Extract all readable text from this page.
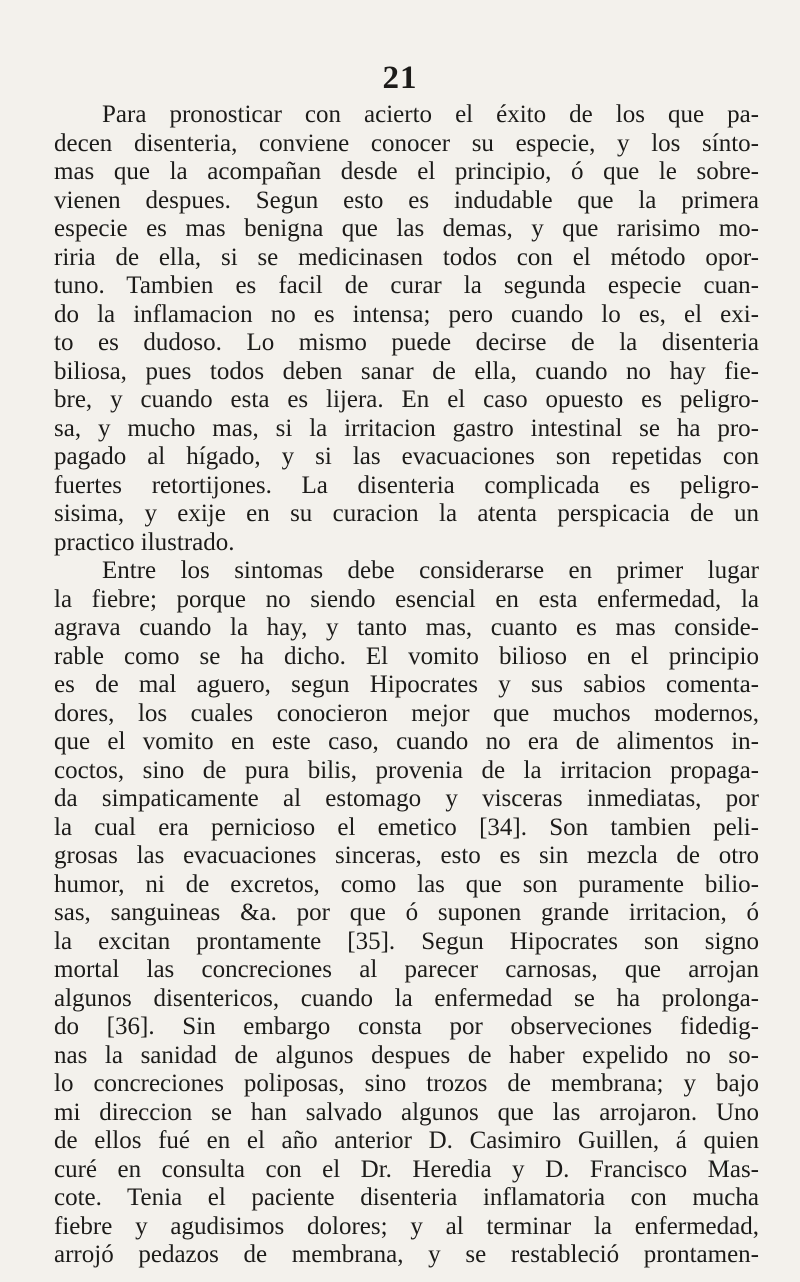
21
Para pronosticar con acierto el éxito de los que pa-
decen disenteria, conviene conocer su especie, y los sínto-
mas que la acompañan desde el principio, ó que le sobre-
vienen despues. Segun esto es indudable que la primera
especie es mas benigna que las demas, y que rarisimo mo-
riria de ella, si se medicinasen todos con el método opor-
tuno. Tambien es facil de curar la segunda especie cuan-
do la inflamacion no es intensa; pero cuando lo es, el exi-
to es dudoso. Lo mismo puede decirse de la disenteria
biliosa, pues todos deben sanar de ella, cuando no hay fie-
bre, y cuando esta es lijera. En el caso opuesto es peligro-
sa, y mucho mas, si la irritacion gastro intestinal se ha pro-
pagado al hígado, y si las evacuaciones son repetidas con
fuertes retortijones. La disenteria complicada es peligro-
sisima, y exije en su curacion la atenta perspicacia de un
practico ilustrado.
Entre los sintomas debe considerarse en primer lugar
la fiebre; porque no siendo esencial en esta enfermedad, la
agrava cuando la hay, y tanto mas, cuanto es mas conside-
rable como se ha dicho. El vomito bilioso en el principio
es de mal aguero, segun Hipocrates y sus sabios comenta-
dores, los cuales conocieron mejor que muchos modernos,
que el vomito en este caso, cuando no era de alimentos in-
coctos, sino de pura bilis, provenia de la irritacion propaga-
da simpaticamente al estomago y visceras inmediatas, por
la cual era pernicioso el emetico [34]. Son tambien peli-
grosas las evacuaciones sinceras, esto es sin mezcla de otro
humor, ni de excretos, como las que son puramente bilio-
sas, sanguineas &a. por que ó suponen grande irritacion, ó
la excitan prontamente [35]. Segun Hipocrates son signo
mortal las concreciones al parecer carnosas, que arrojan
algunos disentericos, cuando la enfermedad se ha prolonga-
do [36]. Sin embargo consta por observeciones fidedig-
nas la sanidad de algunos despues de haber expelido no so-
lo concreciones poliposas, sino trozos de membrana; y bajo
mi direccion se han salvado algunos que las arrojaron. Uno
de ellos fué en el año anterior D. Casimiro Guillen, á quien
curé en consulta con el Dr. Heredia y D. Francisco Mas-
cote. Tenia el paciente disenteria inflamatoria con mucha
fiebre y agudisimos dolores; y al terminar la enfermedad,
arrojó pedazos de membrana, y se restableció prontamen-
